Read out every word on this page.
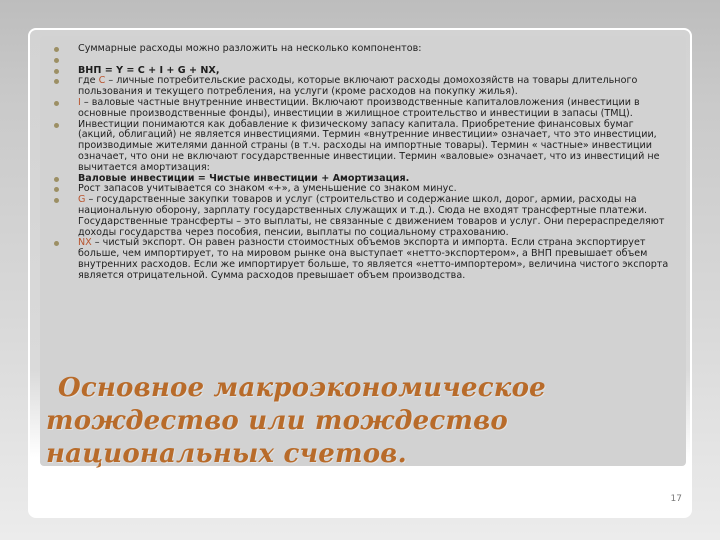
Суммарные расходы можно разложить на несколько компонентов:
ВНП = Y = C + I + G + NX,
где C – личные потребительские расходы, которые включают расходы домохозяйств на товары длительного пользования и текущего потребления, на услуги (кроме расходов на покупку жилья).
I – валовые частные внутренние инвестиции. Включают производственные капиталовложения (инвестиции в основные производственные фонды), инвестиции в жилищное строительство и инвестиции в запасы (ТМЦ).
Инвестиции понимаются как добавление к физическому запасу капитала. Приобретение финансовых бумаг (акций, облигаций) не является инвестициями. Термин «внутренние инвестиции» означает, что это инвестиции, производимые жителями данной страны (в т.ч. расходы на импортные товары). Термин « частные» инвестиции означает, что они не включают государственные инвестиции. Термин «валовые» означает, что из инвестиций не вычитается амортизация:
Валовые инвестиции = Чистые инвестиции + Амортизация.
Рост запасов учитывается со знаком «+», а уменьшение со знаком минус.
G – государственные закупки товаров и услуг (строительство и содержание школ, дорог, армии, расходы на национальную оборону, зарплату государственных служащих и т.д.). Сюда не входят трансфертные платежи. Государственные трансферты – это выплаты, не связанные с движением товаров и услуг. Они перераспределяют доходы государства через пособия, пенсии, выплаты по социальному страхованию.
NX – чистый экспорт. Он равен разности стоимостных объемов экспорта и импорта. Если страна экспортирует больше, чем импортирует, то на мировом рынке она выступает «нетто-экспортером», а ВНП превышает объем внутренних расходов. Если же импортирует больше, то является «нетто-импортером», величина чистого экспорта является отрицательной. Сумма расходов превышает объем производства.
Основное макроэкономическое
тождество или тождество
национальных счетов.
17
